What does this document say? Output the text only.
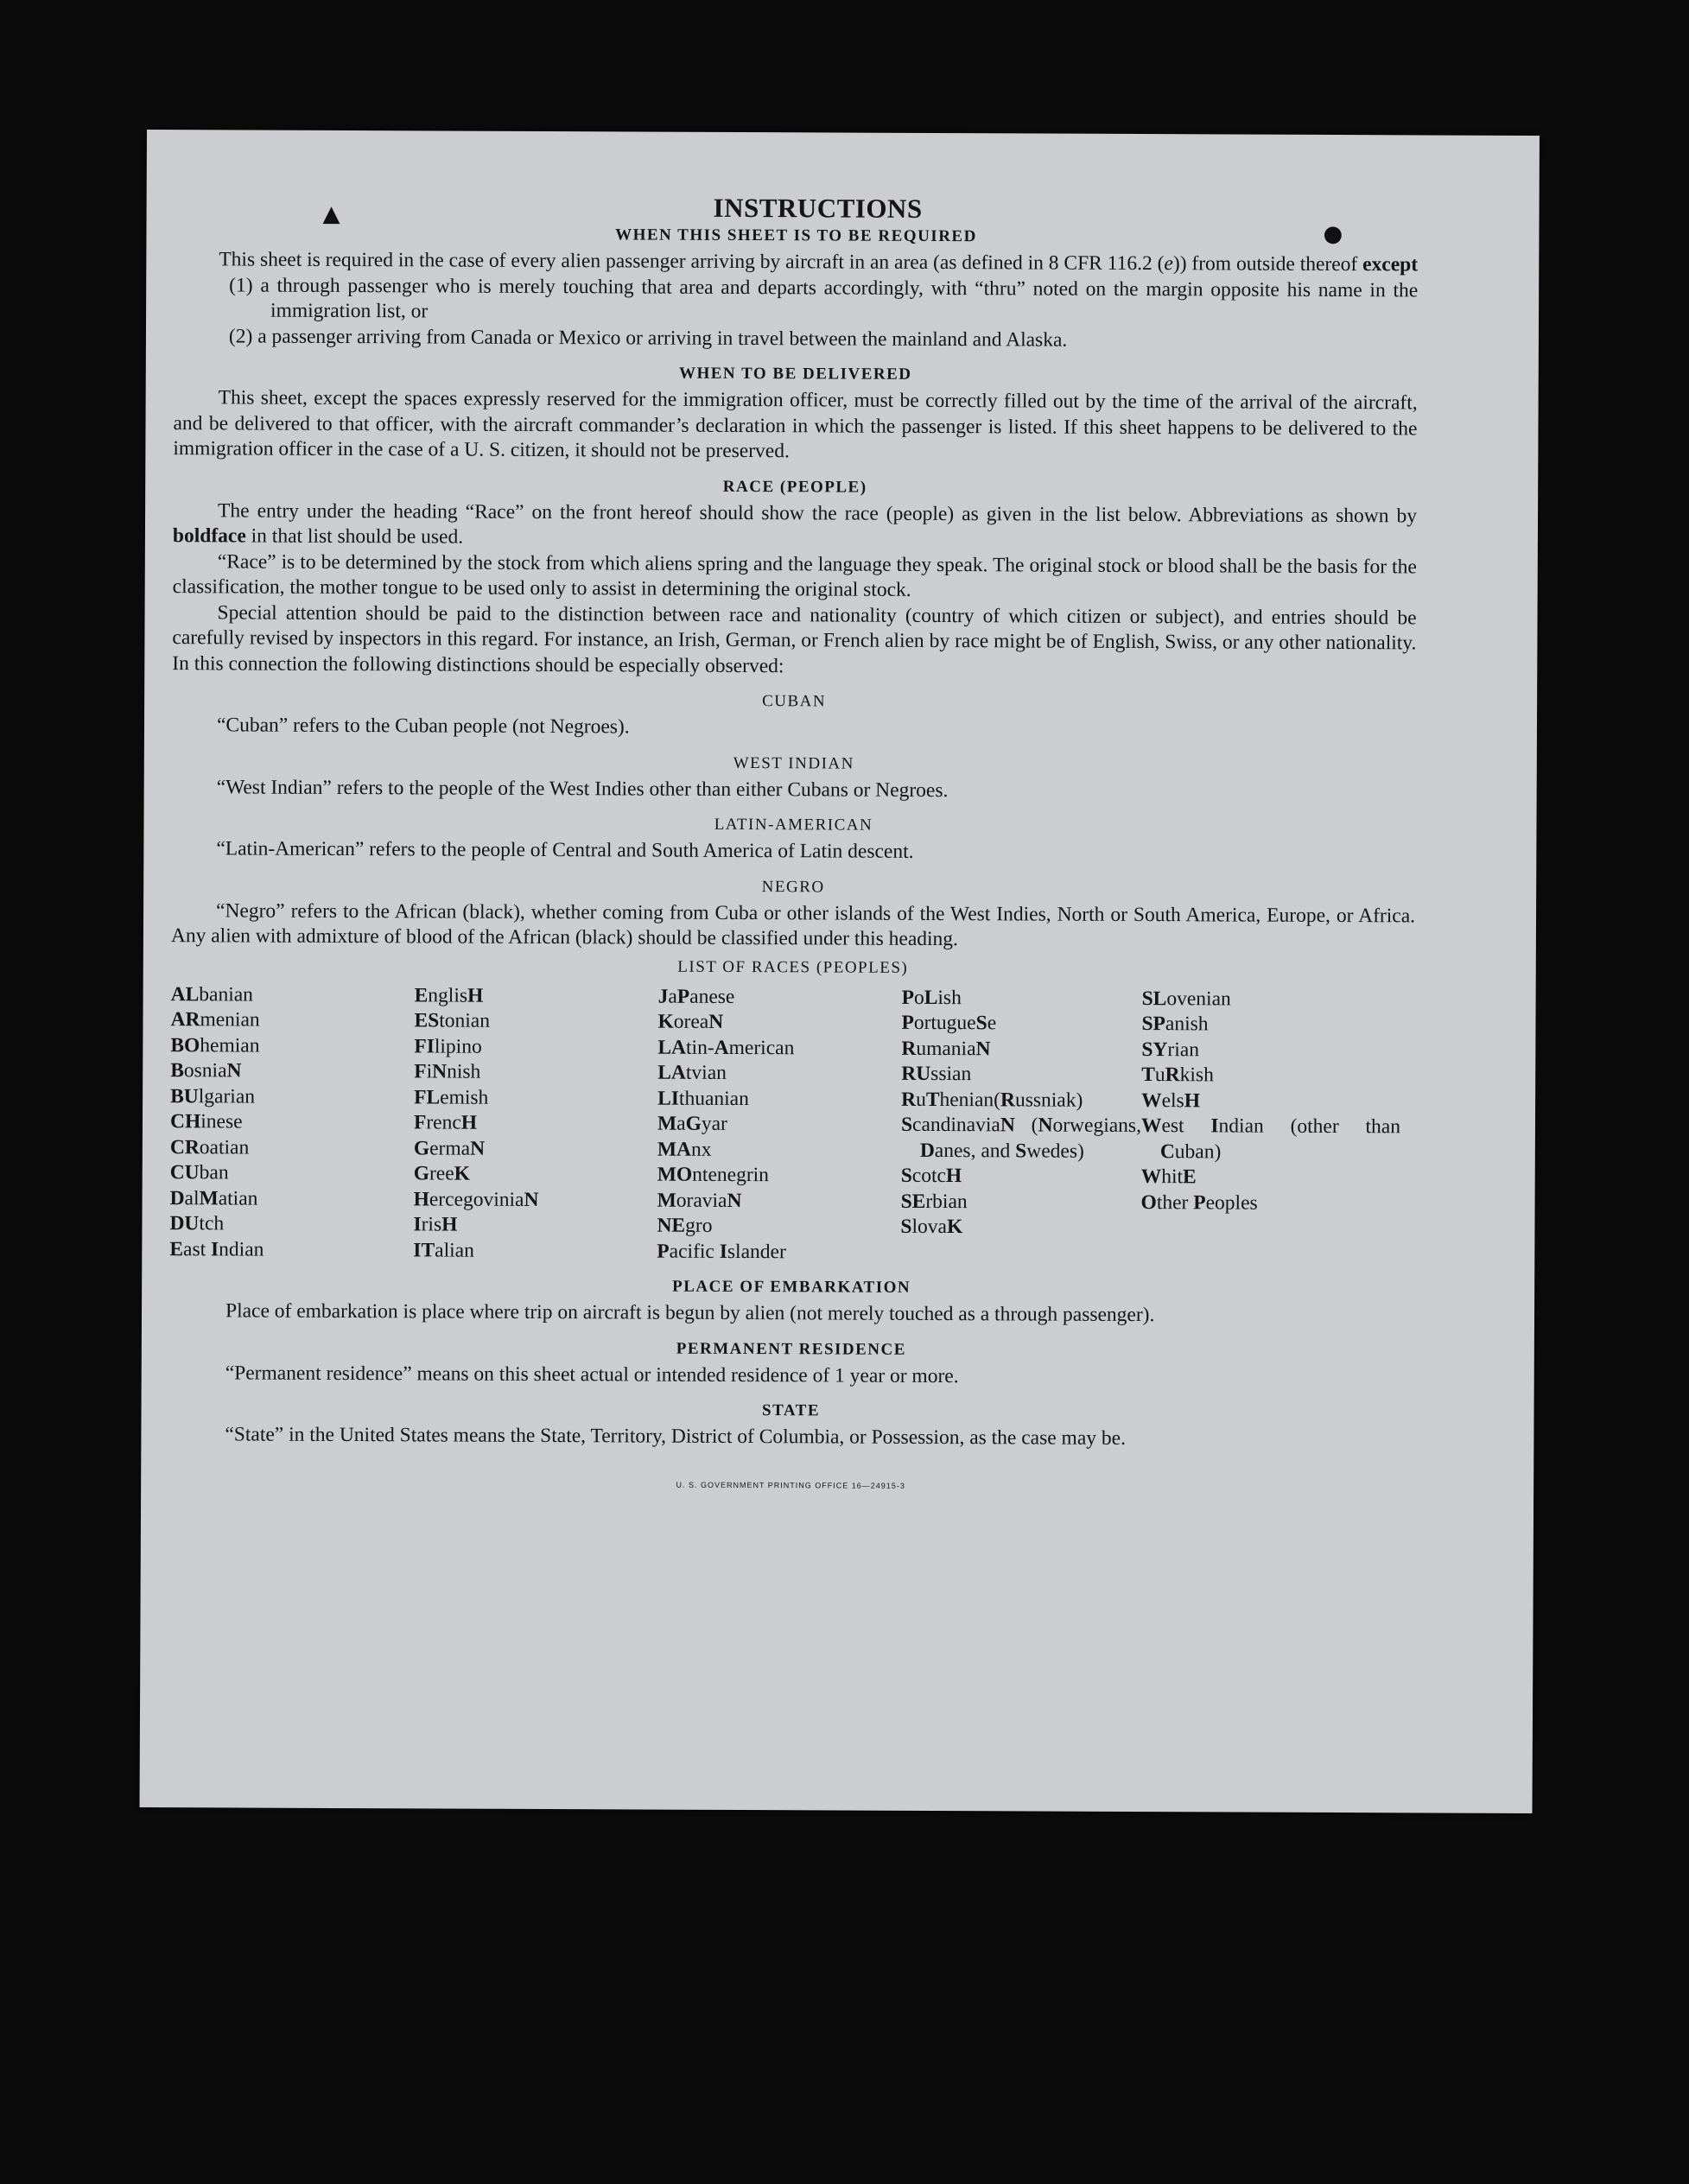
▲
●
INSTRUCTIONS
WHEN THIS SHEET IS TO BE REQUIRED

This sheet is required in the case of every alien passenger arriving by aircraft in an area (as defined in 8 CFR 116.2 (e)) from outside thereof except

(1) a through passenger who is merely touching that area and departs accordingly, with “thru” noted on the margin opposite his name in the immigration list, or
(2) a passenger arriving from Canada or Mexico or arriving in travel between the mainland and Alaska.
WHEN TO BE DELIVERED

This sheet, except the spaces expressly reserved for the immigration officer, must be correctly filled out by the time of the arrival of the aircraft, and be delivered to that officer, with the aircraft commander’s declaration in which the passenger is listed. If this sheet happens to be delivered to the immigration officer in the case of a U. S. citizen, it should not be preserved.

RACE (PEOPLE)

The entry under the heading “Race” on the front hereof should show the race (people) as given in the list below. Abbreviations as shown by boldface in that list should be used.

“Race” is to be determined by the stock from which aliens spring and the language they speak. The original stock or blood shall be the basis for the classification, the mother tongue to be used only to assist in determining the original stock.

Special attention should be paid to the distinction between race and nationality (country of which citizen or subject), and entries should be carefully revised by inspectors in this regard. For instance, an Irish, German, or French alien by race might be of English, Swiss, or any other nationality. In this connection the following distinctions should be especially observed:

CUBAN

“Cuban” refers to the Cuban people (not Negroes).

WEST INDIAN

“West Indian” refers to the people of the West Indies other than either Cubans or Negroes.

LATIN-AMERICAN

“Latin-American” refers to the people of Central and South America of Latin descent.

NEGRO

“Negro” refers to the African (black), whether coming from Cuba or other islands of the West Indies, North or South America, Europe, or Africa. Any alien with admixture of blood of the African (black) should be classified under this heading.

LIST OF RACES (PEOPLES)
ALbanian
ARmenian
BOhemian
BosniaN
BUlgarian
CHinese
CRoatian
CUban
DalMatian
DUtch
East Indian
EnglisH
EStonian
FIlipino
FiNnish
FLemish
FrencH
GermaN
GreeK
HercegoviniaN
IrisH
ITalian
JaPanese
KoreaN
LAtin-American
LAtvian
LIthuanian
MaGyar
MAnx
MOntenegrin
MoraviaN
NEgro
Pacific Islander
PoLish
PortugueSe
RumaniaN
RUssian
RuThenian(Russniak)
ScandinaviaN (Norwegians, Danes, and Swedes)
ScotcH
SErbian
SlovaK
SLovenian
SPanish
SYrian
TuRkish
WelsH
West Indian (other than Cuban)
WhitE
Other Peoples
PLACE OF EMBARKATION

Place of embarkation is place where trip on aircraft is begun by alien (not merely touched as a through passenger).

PERMANENT RESIDENCE

“Permanent residence” means on this sheet actual or intended residence of 1 year or more.

STATE

“State” in the United States means the State, Territory, District of Columbia, or Possession, as the case may be.

U. S. GOVERNMENT PRINTING OFFICE 16—24915-3
